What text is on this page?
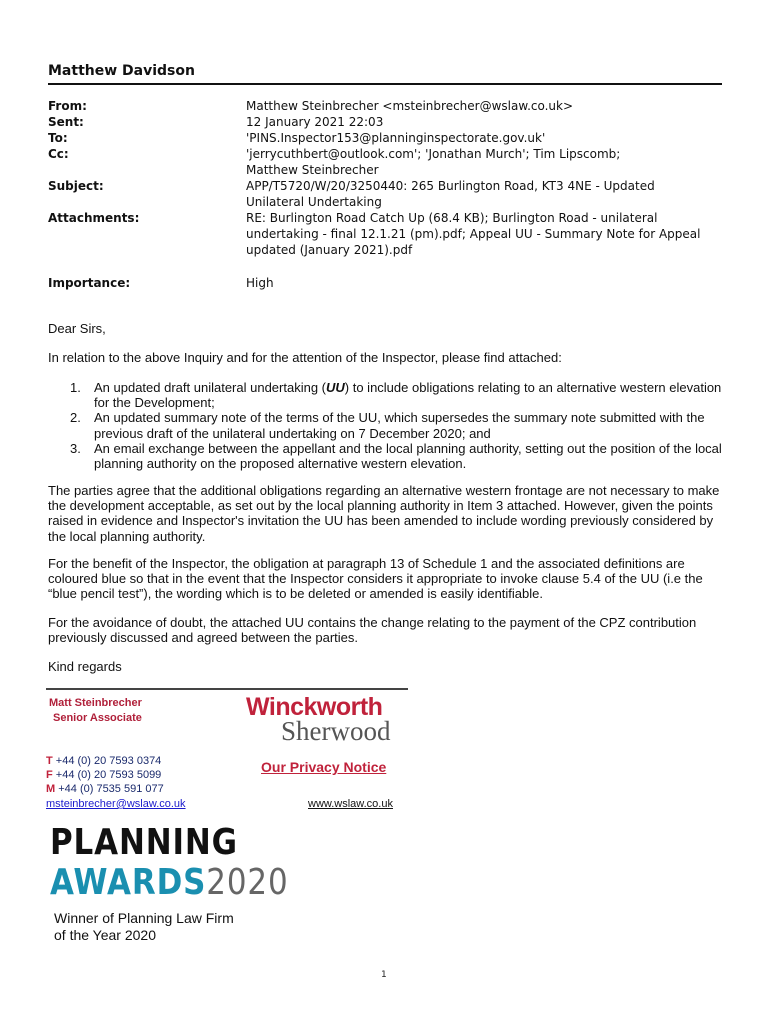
Matthew Davidson
From:	Matthew Steinbrecher <msteinbrecher@wslaw.co.uk>
Sent:	12 January 2021 22:03
To:	'PINS.Inspector153@planninginspectorate.gov.uk'
Cc:	'jerrycuthbert@outlook.com'; 'Jonathan Murch'; Tim Lipscomb; Matthew Steinbrecher
Subject:	APP/T5720/W/20/3250440: 265 Burlington Road, KT3 4NE - Updated Unilateral Undertaking
Attachments:	RE: Burlington Road Catch Up (68.4 KB); Burlington Road - unilateral undertaking - final 12.1.21 (pm).pdf; Appeal UU - Summary Note for Appeal updated (January 2021).pdf
Importance:	High
Dear Sirs,
In relation to the above Inquiry and for the attention of the Inspector, please find attached:
1. An updated draft unilateral undertaking (UU) to include obligations relating to an alternative western elevation for the Development;
2. An updated summary note of the terms of the UU, which supersedes the summary note submitted with the previous draft of the unilateral undertaking on 7 December 2020; and
3. An email exchange between the appellant and the local planning authority, setting out the position of the local planning authority on the proposed alternative western elevation.
The parties agree that the additional obligations regarding an alternative western frontage are not necessary to make the development acceptable, as set out by the local planning authority in Item 3 attached. However, given the points raised in evidence and Inspector's invitation the UU has been amended to include wording previously considered by the local planning authority.
For the benefit of the Inspector, the obligation at paragraph 13 of Schedule 1 and the associated definitions are coloured blue so that in the event that the Inspector considers it appropriate to invoke clause 5.4 of the UU (i.e the “blue pencil test”), the wording which is to be deleted or amended is easily identifiable.
For the avoidance of doubt, the attached UU contains the change relating to the payment of the CPZ contribution previously discussed and agreed between the parties.
Kind regards
Matt Steinbrecher
Senior Associate	Winckworth
Sherwood
T +44 (0) 20 7593 0374
F +44 (0) 20 7593 5099
M +44 (0) 7535 591 077
Our Privacy Notice
msteinbrecher@wslaw.co.uk	www.wslaw.co.uk
PLANNING
AWARDS2020
Winner of Planning Law Firm
of the Year 2020
1
